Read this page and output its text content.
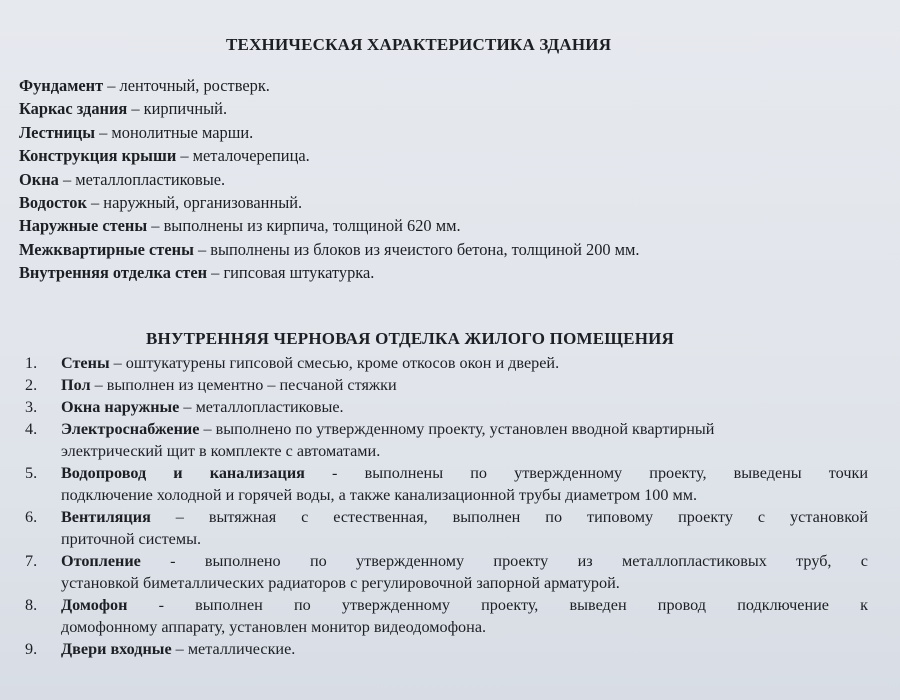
ТЕХНИЧЕСКАЯ ХАРАКТЕРИСТИКА ЗДАНИЯ
Фундамент – ленточный, ростверк.
Каркас здания – кирпичный.
Лестницы – монолитные марши.
Конструкция крыши – металочерепица.
Окна – металлопластиковые.
Водосток – наружный, организованный.
Наружные стены – выполнены из кирпича, толщиной 620 мм.
Межквартирные стены – выполнены из блоков из ячеистого бетона, толщиной 200 мм.
Внутренняя отделка стен – гипсовая штукатурка.
ВНУТРЕННЯЯ ЧЕРНОВАЯ ОТДЕЛКА ЖИЛОГО ПОМЕЩЕНИЯ
1.	Стены – оштукатурены гипсовой смесью, кроме откосов окон и дверей.
2.	Пол – выполнен из цементно – песчаной стяжки
3.	Окна наружные – металлопластиковые.
4.	Электроснабжение – выполнено по утвержденному проекту, установлен вводной квартирный
электрический щит в комплекте с автоматами.
5.	Водопровод и канализация - выполнены по утвержденному проекту, выведены точки
подключение холодной и горячей воды, а также канализационной трубы диаметром 100 мм.
6.	Вентиляция – вытяжная с естественная, выполнен по типовому проекту с установкой
приточной системы.
7.	Отопление - выполнено по утвержденному проекту из металлопластиковых труб, с
установкой биметаллических радиаторов с регулировочной запорной арматурой.
8.	Домофон - выполнен по утвержденному проекту, выведен провод подключение к
домофонному аппарату, установлен монитор видеодомофона.
9.	Двери входные – металлические.
